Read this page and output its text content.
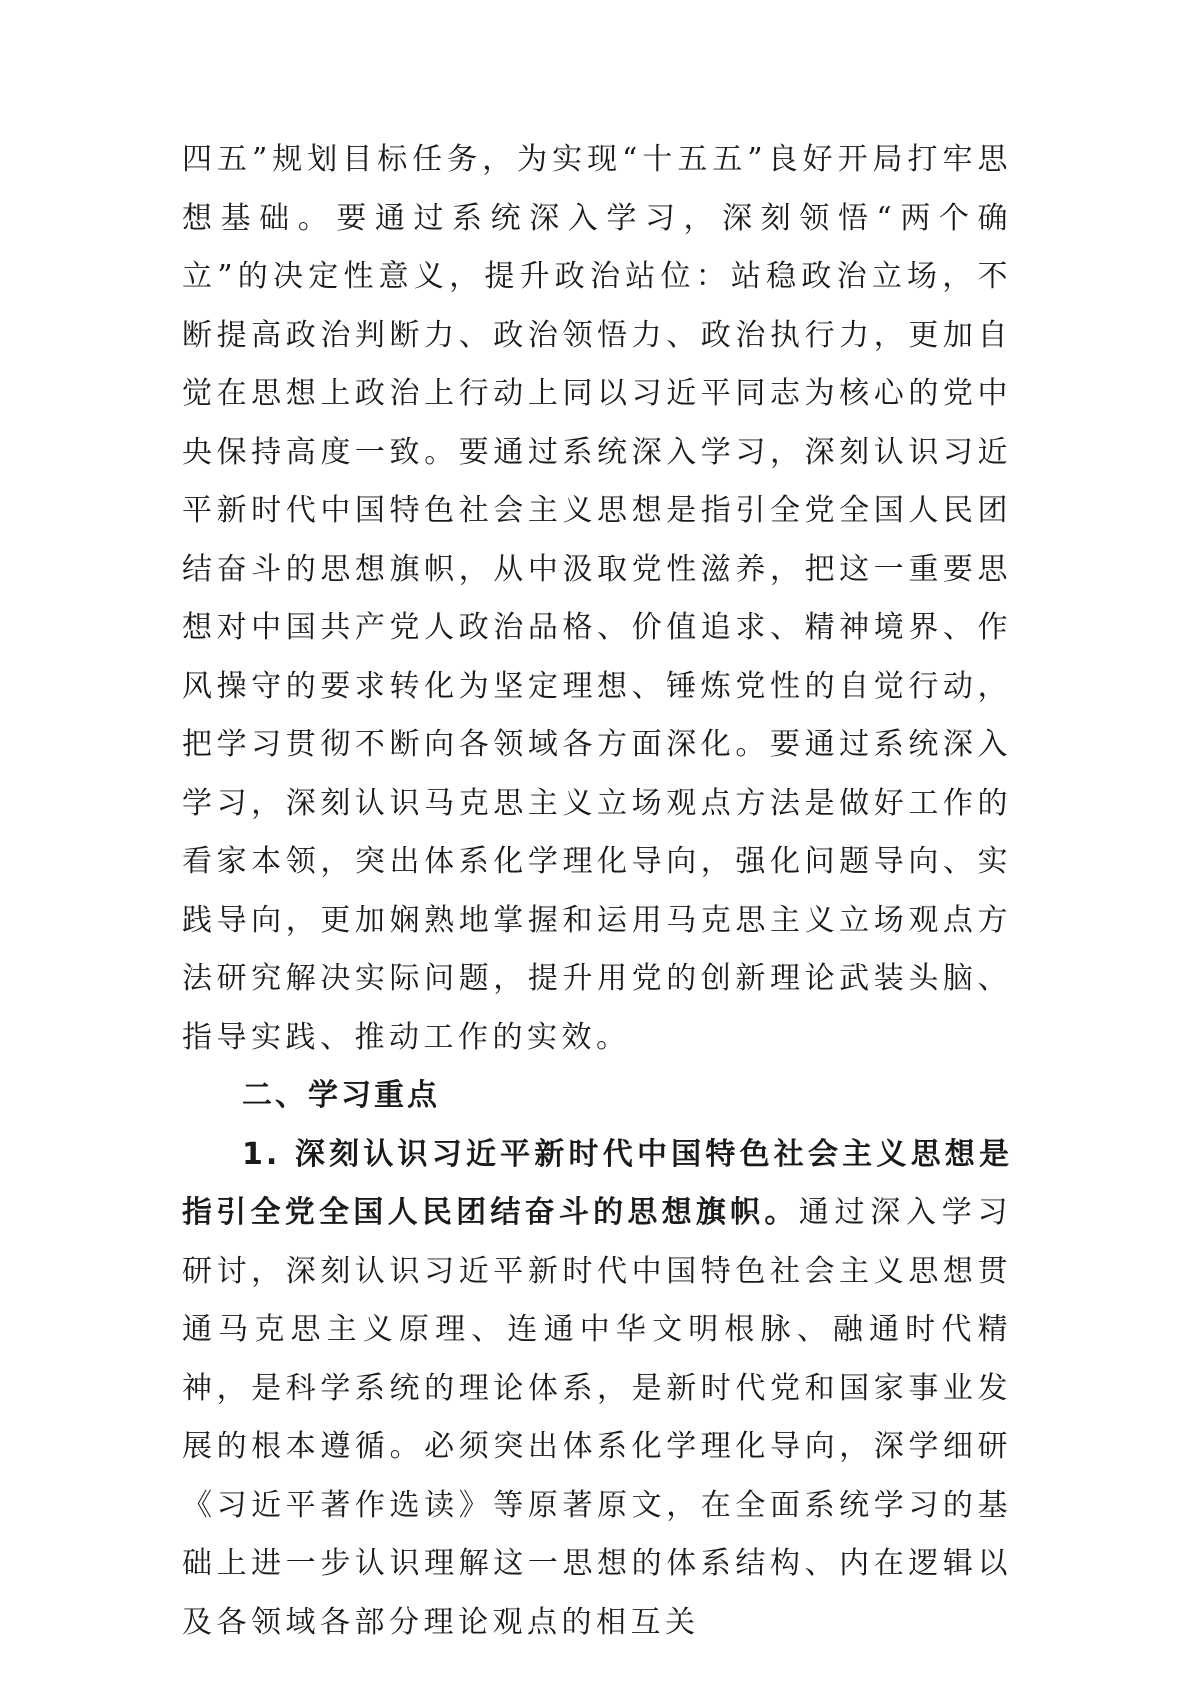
四五”规划目标任务，为实现“十五五”良好开局打牢思想基础。要通过系统深入学习，深刻领悟“两个确立”的决定性意义，提升政治站位：站稳政治立场，不断提高政治判断力、政治领悟力、政治执行力，更加自觉在思想上政治上行动上同以习近平同志为核心的党中央保持高度一致。要通过系统深入学习，深刻认识习近平新时代中国特色社会主义思想是指引全党全国人民团结奋斗的思想旗帜，从中汲取党性滋养，把这一重要思想对中国共产党人政治品格、价值追求、精神境界、作风操守的要求转化为坚定理想、锤炼党性的自觉行动，把学习贯彻不断向各领域各方面深化。要通过系统深入学习，深刻认识马克思主义立场观点方法是做好工作的看家本领，突出体系化学理化导向，强化问题导向、实践导向，更加娴熟地掌握和运用马克思主义立场观点方法研究解决实际问题，提升用党的创新理论武装头脑、指导实践、推动工作的实效。

二、学习重点

1. 深刻认识习近平新时代中国特色社会主义思想是指引全党全国人民团结奋斗的思想旗帜。通过深入学习研讨，深刻认识习近平新时代中国特色社会主义思想贯通马克思主义原理、连通中华文明根脉、融通时代精神，是科学系统的理论体系，是新时代党和国家事业发展的根本遵循。必须突出体系化学理化导向，深学细研《习近平著作选读》等原著原文，在全面系统学习的基础上进一步认识理解这一思想的体系结构、内在逻辑以及各领域各部分理论观点的相互关
